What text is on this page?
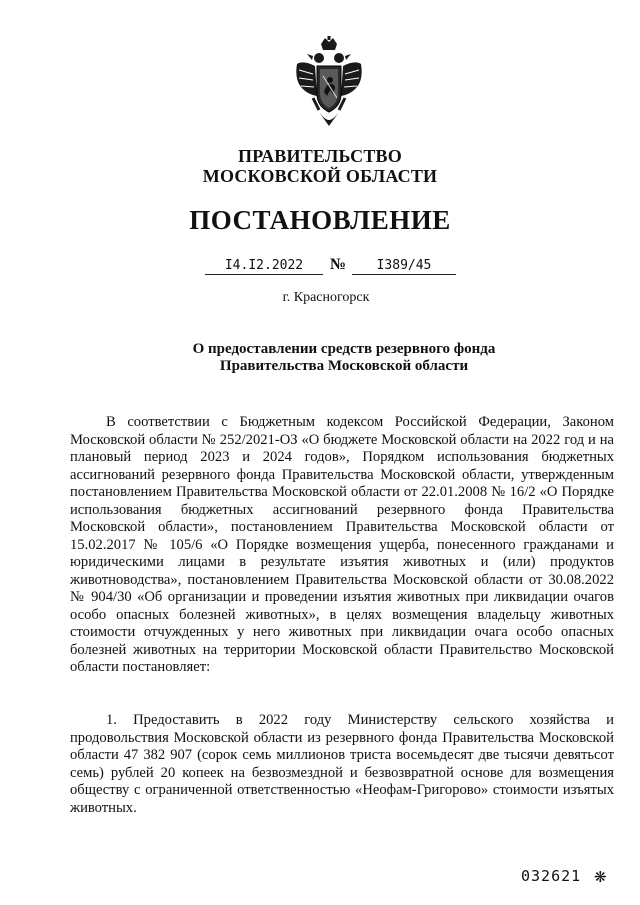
ПРАВИТЕЛЬСТВО
МОСКОВСКОЙ ОБЛАСТИ
ПОСТАНОВЛЕНИЕ
I4.I2.2022	№	I389/45
г. Красногорск
О предоставлении средств резервного фонда
Правительства Московской области

В соответствии с Бюджетным кодексом Российской Федерации, Законом Московской области № 252/2021-ОЗ «О бюджете Московской области на 2022 год и на плановый период 2023 и 2024 годов», Порядком использования бюджетных ассигнований резервного фонда Правительства Московской области, утвержденным постановлением Правительства Московской области от 22.01.2008 № 16/2 «О Порядке использования бюджетных ассигнований резервного фонда Правительства Московской области», постановлением Правительства Московской области от 15.02.2017 № 105/6 «О Порядке возмещения ущерба, понесенного гражданами и юридическими лицами в результате изъятия животных и (или) продуктов животноводства», постановлением Правительства Московской области от 30.08.2022 № 904/30 «Об организации и проведении изъятия животных при ликвидации очагов особо опасных болезней животных», в целях возмещения владельцу животных стоимости отчужденных у него животных при ликвидации очага особо опасных болезней животных на территории Московской области Правительство Московской области постановляет:

1. Предоставить в 2022 году Министерству сельского хозяйства и продовольствия Московской области из резервного фонда Правительства Московской области 47 382 907 (сорок семь миллионов триста восемьдесят две тысячи девятьсот семь) рублей 20 копеек на безвозмездной и безвозвратной основе для возмещения обществу с ограниченной ответственностью «Неофам-Григорово» стоимости изъятых животных.

032621 ❋
